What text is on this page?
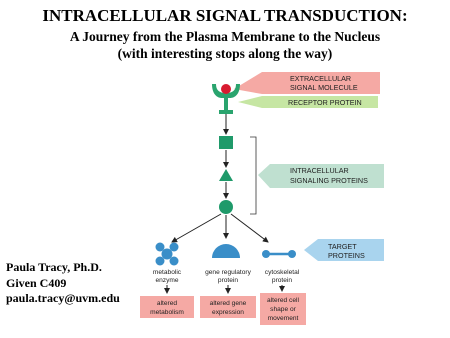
INTRACELLULAR SIGNAL TRANSDUCTION:
A Journey from the Plasma Membrane to the Nucleus
(with interesting stops along the way)
Paula Tracy, Ph.D.
Given C409
paula.tracy@uvm.edu
EXTRACELLULAR
SIGNAL MOLECULE
RECEPTOR PROTEIN
INTRACELLULAR
SIGNALING PROTEINS
TARGET
PROTEINS
metabolic
enzyme
gene regulatory
protein
cytoskeletal
protein
altered
metabolism
altered gene
expression
altered cell
shape or
movement
